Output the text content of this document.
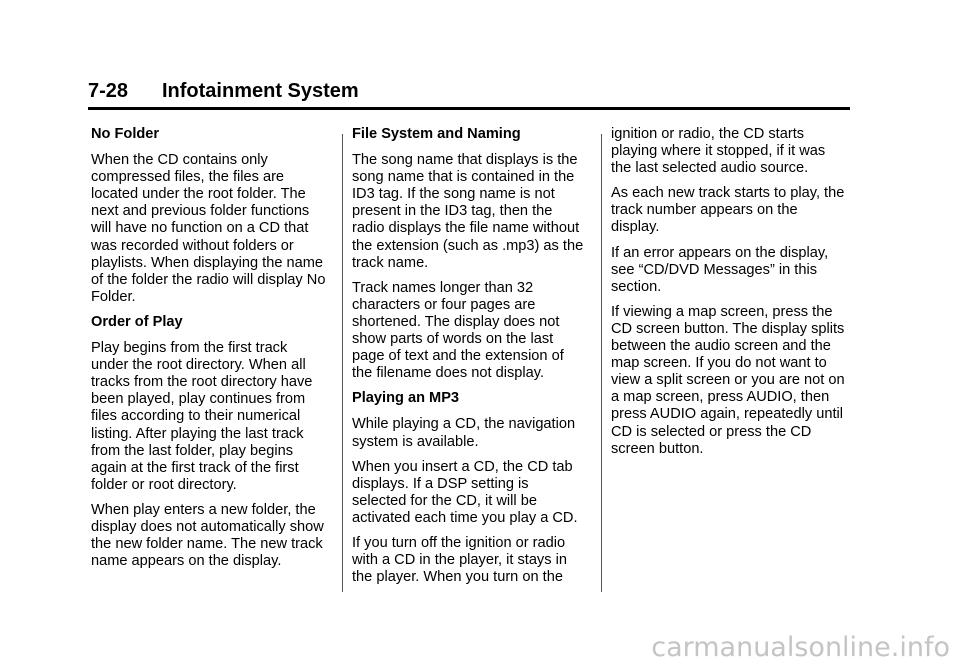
7-28 Infotainment System
No Folder

When the CD contains only
compressed files, the files are
located under the root folder. The
next and previous folder functions
will have no function on a CD that
was recorded without folders or
playlists. When displaying the name
of the folder the radio will display No
Folder.

Order of Play

Play begins from the first track
under the root directory. When all
tracks from the root directory have
been played, play continues from
files according to their numerical
listing. After playing the last track
from the last folder, play begins
again at the first track of the first
folder or root directory.

When play enters a new folder, the
display does not automatically show
the new folder name. The new track
name appears on the display.

File System and Naming

The song name that displays is the
song name that is contained in the
ID3 tag. If the song name is not
present in the ID3 tag, then the
radio displays the file name without
the extension (such as .mp3) as the
track name.

Track names longer than 32
characters or four pages are
shortened. The display does not
show parts of words on the last
page of text and the extension of
the filename does not display.

Playing an MP3

While playing a CD, the navigation
system is available.

When you insert a CD, the CD tab
displays. If a DSP setting is
selected for the CD, it will be
activated each time you play a CD.

If you turn off the ignition or radio
with a CD in the player, it stays in
the player. When you turn on the

ignition or radio, the CD starts
playing where it stopped, if it was
the last selected audio source.

As each new track starts to play, the
track number appears on the
display.

If an error appears on the display,
see “CD/DVD Messages” in this
section.

If viewing a map screen, press the
CD screen button. The display splits
between the audio screen and the
map screen. If you do not want to
view a split screen or you are not on
a map screen, press AUDIO, then
press AUDIO again, repeatedly until
CD is selected or press the CD
screen button.

carmanualsonline.info
